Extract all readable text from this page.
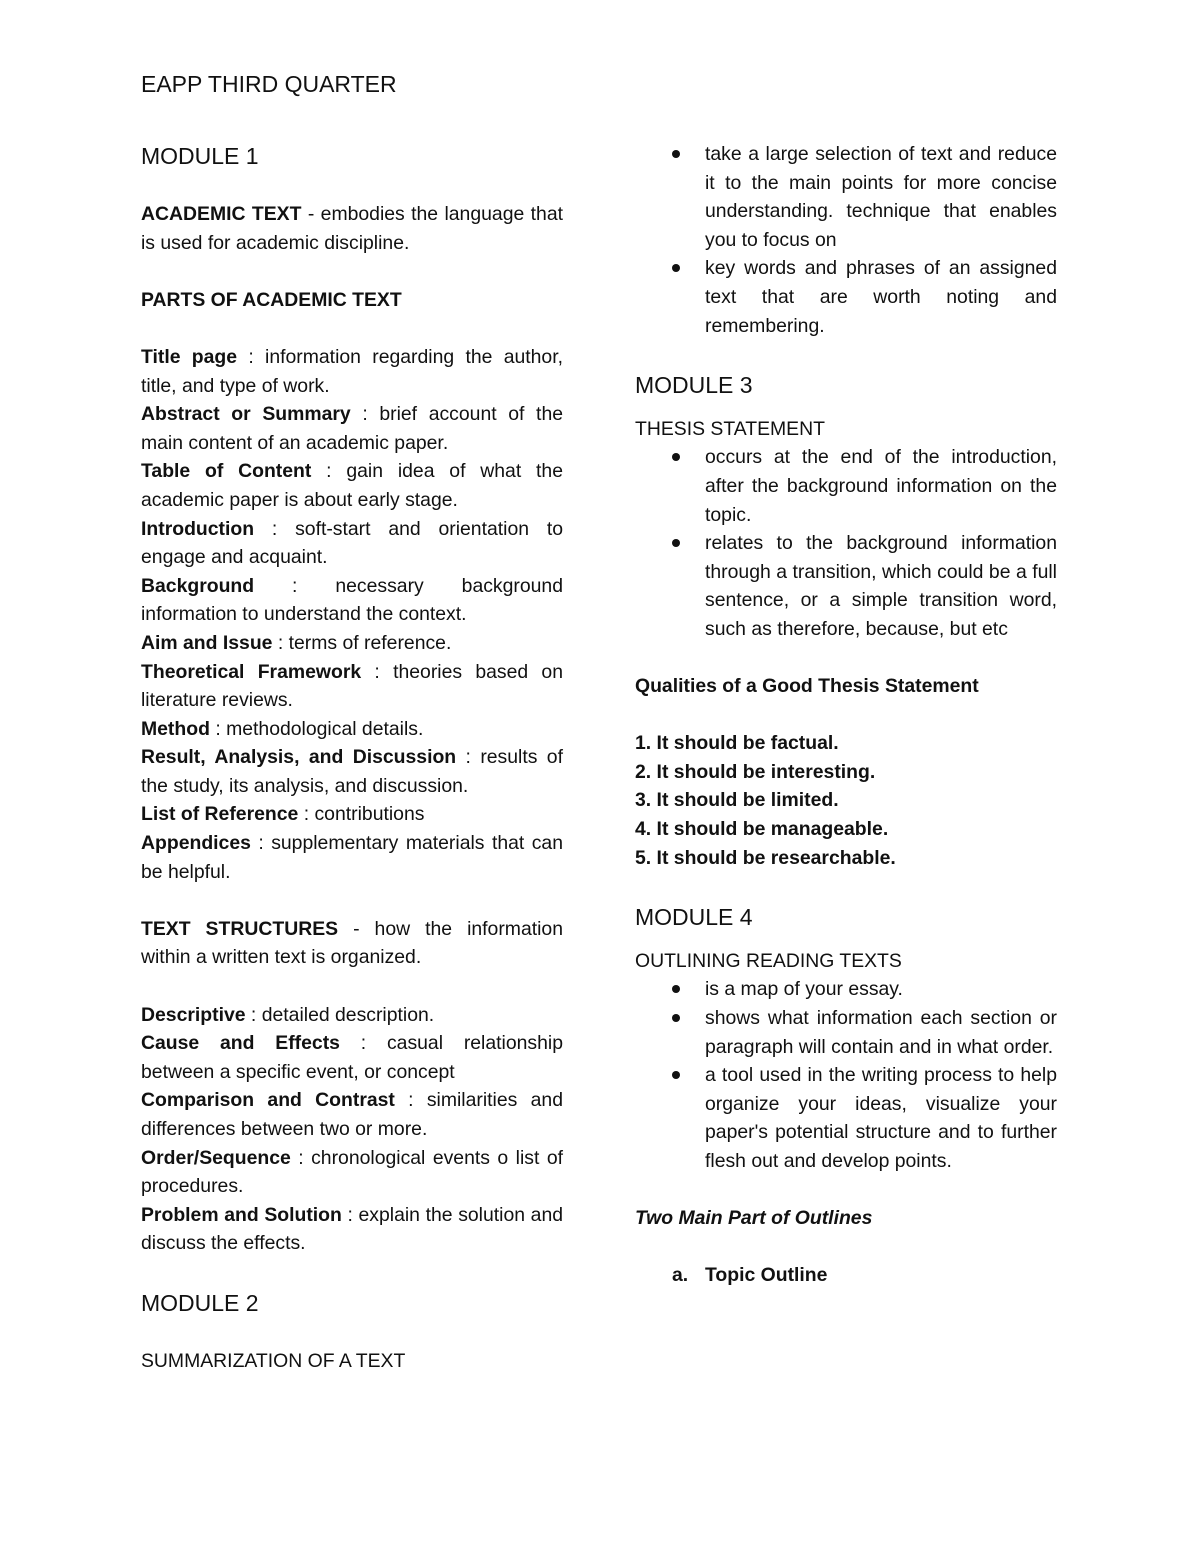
EAPP THIRD QUARTER
MODULE 1

ACADEMIC TEXT - embodies the language that is used for academic discipline.

PARTS OF ACADEMIC TEXT

Title page : information regarding the author, title, and type of work.

Abstract or Summary : brief account of the main content of an academic paper.

Table of Content : gain idea of what the academic paper is about early stage.

Introduction : soft-start and orientation to engage and acquaint.

Background : necessary background information to understand the context.

Aim and Issue : terms of reference.

Theoretical Framework : theories based on literature reviews.

Method : methodological details.

Result, Analysis, and Discussion : results of the study, its analysis, and discussion.

List of Reference : contributions

Appendices : supplementary materials that can be helpful.

TEXT STRUCTURES - how the information within a written text is organized.

Descriptive : detailed description.

Cause and Effects : casual relationship between a specific event, or concept

Comparison and Contrast : similarities and differences between two or more.

Order/Sequence : chronological events o list of procedures.

Problem and Solution : explain the solution and discuss the effects.

MODULE 2

SUMMARIZATION OF A TEXT

take a large selection of text and reduce it to the main points for more concise understanding. technique that enables you to focus on
key words and phrases of an assigned text that are worth noting and remembering.
MODULE 3

THESIS STATEMENT

occurs at the end of the introduction, after the background information on the topic.
relates to the background information through a transition, which could be a full sentence, or a simple transition word, such as therefore, because, but etc

Qualities of a Good Thesis Statement

1. It should be factual.

2. It should be interesting.

3. It should be limited.

4. It should be manageable.

5. It should be researchable.

MODULE 4

OUTLINING READING TEXTS

is a map of your essay.
shows what information each section or paragraph will contain and in what order.
a tool used in the writing process to help organize your ideas, visualize your paper's potential structure and to further flesh out and develop points.

Two Main Part of Outlines

a. Topic Outline
